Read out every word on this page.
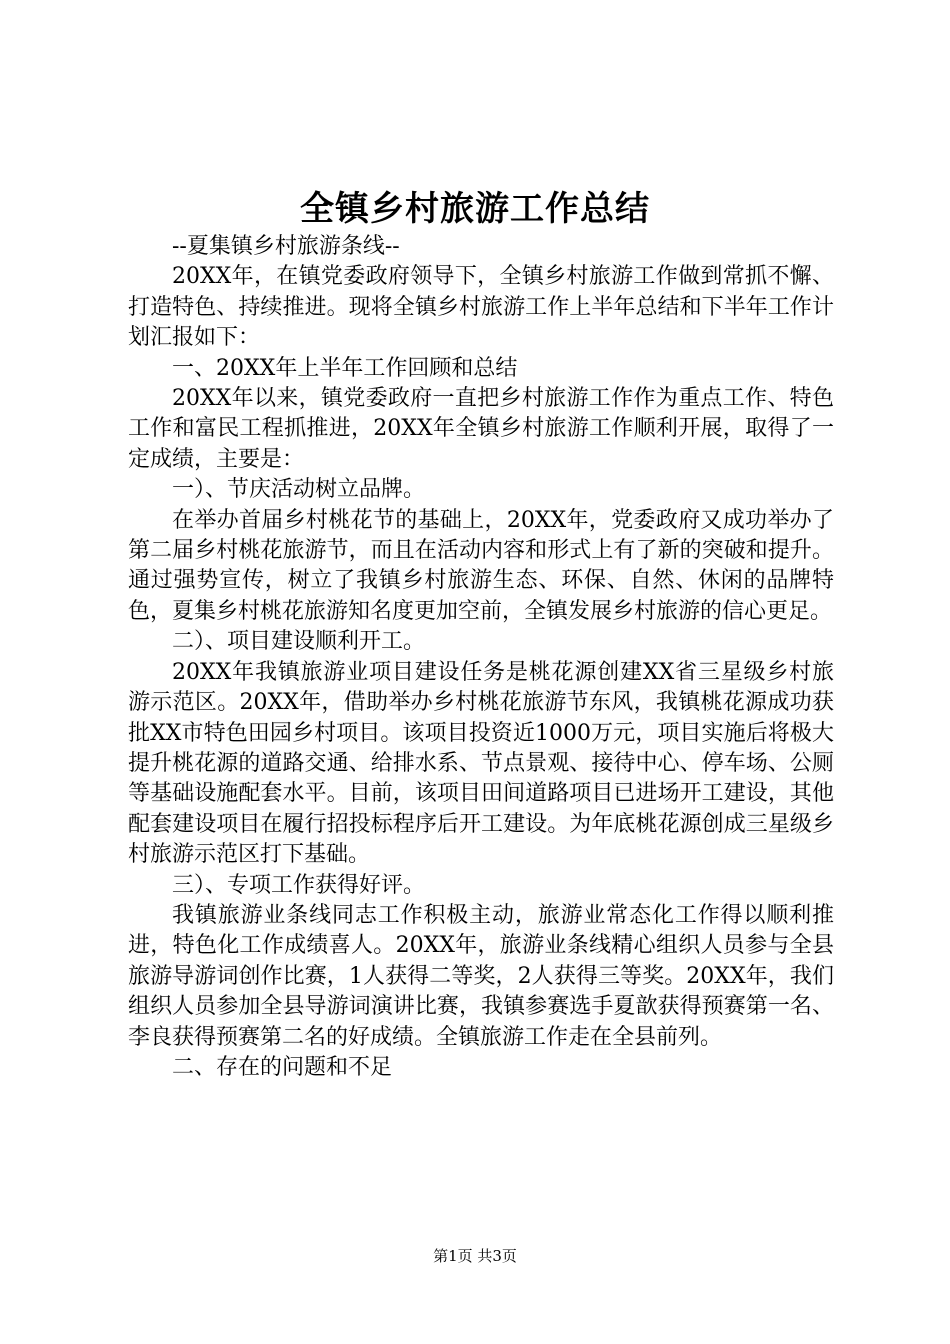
全镇乡村旅游工作总结

--夏集镇乡村旅游条线--

20XX年，在镇党委政府领导下，全镇乡村旅游工作做到常抓不懈、打造特色、持续推进。现将全镇乡村旅游工作上半年总结和下半年工作计划汇报如下：

一、20XX年上半年工作回顾和总结

20XX年以来，镇党委政府一直把乡村旅游工作作为重点工作、特色工作和富民工程抓推进，20XX年全镇乡村旅游工作顺利开展，取得了一定成绩，主要是：

一）、节庆活动树立品牌。

在举办首届乡村桃花节的基础上，20XX年，党委政府又成功举办了第二届乡村桃花旅游节，而且在活动内容和形式上有了新的突破和提升。通过强势宣传，树立了我镇乡村旅游生态、环保、自然、休闲的品牌特色，夏集乡村桃花旅游知名度更加空前，全镇发展乡村旅游的信心更足。

二）、项目建设顺利开工。

20XX年我镇旅游业项目建设任务是桃花源创建XX省三星级乡村旅游示范区。20XX年，借助举办乡村桃花旅游节东风，我镇桃花源成功获批XX市特色田园乡村项目。该项目投资近1000万元，项目实施后将极大提升桃花源的道路交通、给排水系、节点景观、接待中心、停车场、公厕等基础设施配套水平。目前，该项目田间道路项目已进场开工建设，其他配套建设项目在履行招投标程序后开工建设。为年底桃花源创成三星级乡村旅游示范区打下基础。

三）、专项工作获得好评。

我镇旅游业条线同志工作积极主动，旅游业常态化工作得以顺利推进，特色化工作成绩喜人。20XX年，旅游业条线精心组织人员参与全县旅游导游词创作比赛，1人获得二等奖，2人获得三等奖。20XX年，我们组织人员参加全县导游词演讲比赛，我镇参赛选手夏歆获得预赛第一名、李良获得预赛第二名的好成绩。全镇旅游工作走在全县前列。

二、存在的问题和不足

第1页 共3页
